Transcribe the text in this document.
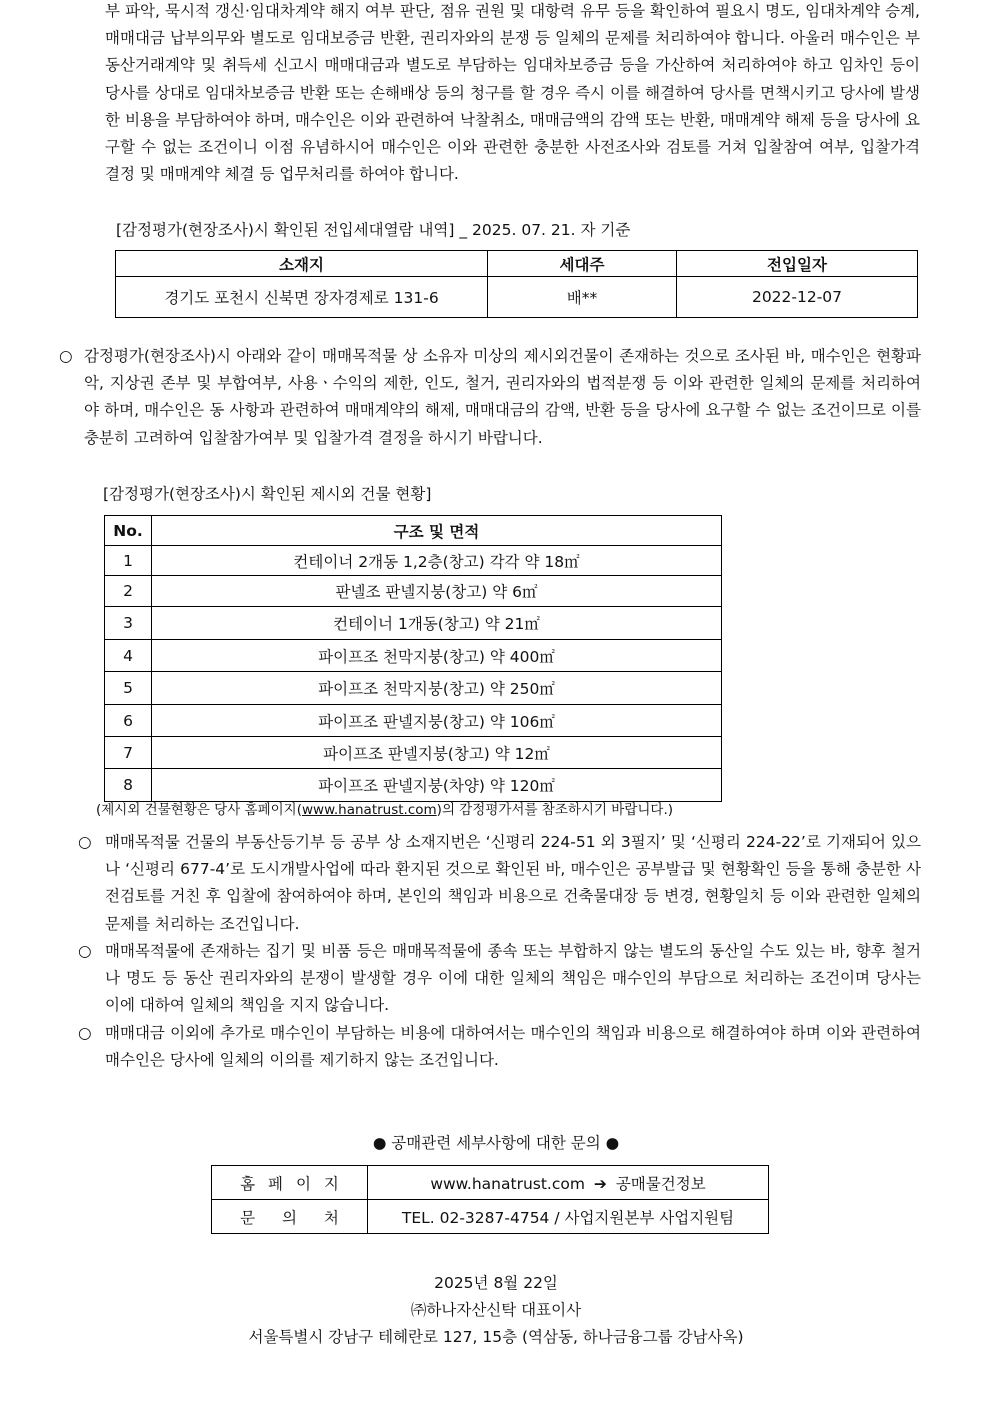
부 파악, 묵시적 갱신·임대차계약 해지 여부 판단, 점유 권원 및 대항력 유무 등을 확인하여 필요시 명도, 임대차계약 승계, 매매대금 납부의무와 별도로 임대보증금 반환, 권리자와의 분쟁 등 일체의 문제를 처리하여야 합니다. 아울러 매수인은 부동산거래계약 및 취득세 신고시 매매대금과 별도로 부담하는 임대차보증금 등을 가산하여 처리하여야 하고 임차인 등이 당사를 상대로 임대차보증금 반환 또는 손해배상 등의 청구를 할 경우 즉시 이를 해결하여 당사를 면책시키고 당사에 발생한 비용을 부담하여야 하며, 매수인은 이와 관련하여 낙찰취소, 매매금액의 감액 또는 반환, 매매계약 해제 등을 당사에 요구할 수 없는 조건이니 이점 유념하시어 매수인은 이와 관련한 충분한 사전조사와 검토를 거쳐 입찰참여 여부, 입찰가격 결정 및 매매계약 체결 등 업무처리를 하여야 합니다.
[감정평가(현장조사)시 확인된 전입세대열람 내역] _ 2025. 07. 21. 자 기준
소재지	세대주	전입일자
경기도 포천시 신북면 장자경제로 131-6	배**	2022-12-07
○ 감정평가(현장조사)시 아래와 같이 매매목적물 상 소유자 미상의 제시외건물이 존재하는 것으로 조사된 바, 매수인은 현황파악, 지상권 존부 및 부합여부, 사용ㆍ수익의 제한, 인도, 철거, 권리자와의 법적분쟁 등 이와 관련한 일체의 문제를 처리하여야 하며, 매수인은 동 사항과 관련하여 매매계약의 해제, 매매대금의 감액, 반환 등을 당사에 요구할 수 없는 조건이므로 이를 충분히 고려하여 입찰참가여부 및 입찰가격 결정을 하시기 바랍니다.
[감정평가(현장조사)시 확인된 제시외 건물 현황]
No.	구조 및 면적
1	컨테이너 2개동 1,2층(창고) 각각 약 18㎡
2	판넬조 판넬지붕(창고) 약 6㎡
3	컨테이너 1개동(창고) 약 21㎡
4	파이프조 천막지붕(창고) 약 400㎡
5	파이프조 천막지붕(창고) 약 250㎡
6	파이프조 판넬지붕(창고) 약 106㎡
7	파이프조 판넬지붕(창고) 약 12㎡
8	파이프조 판넬지붕(차양) 약 120㎡
(제시외 건물현황은 당사 홈페이지(www.hanatrust.com)의 감정평가서를 참조하시기 바랍니다.)
○ 매매목적물 건물의 부동산등기부 등 공부 상 소재지번은 ‘신평리 224-51 외 3필지’ 및 ‘신평리 224-22’로 기재되어 있으나 ‘신평리 677-4’로 도시개발사업에 따라 환지된 것으로 확인된 바, 매수인은 공부발급 및 현황확인 등을 통해 충분한 사전검토를 거친 후 입찰에 참여하여야 하며, 본인의 책임과 비용으로 건축물대장 등 변경, 현황일치 등 이와 관련한 일체의 문제를 처리하는 조건입니다.
○ 매매목적물에 존재하는 집기 및 비품 등은 매매목적물에 종속 또는 부합하지 않는 별도의 동산일 수도 있는 바, 향후 철거나 명도 등 동산 권리자와의 분쟁이 발생할 경우 이에 대한 일체의 책임은 매수인의 부담으로 처리하는 조건이며 당사는 이에 대하여 일체의 책임을 지지 않습니다.
○ 매매대금 이외에 추가로 매수인이 부담하는 비용에 대하여서는 매수인의 책임과 비용으로 해결하여야 하며 이와 관련하여 매수인은 당사에 일체의 이의를 제기하지 않는 조건입니다.
● 공매관련 세부사항에 대한 문의 ●
홈 페 이 지	www.hanatrust.com ➔ 공매물건정보
문 의 처	TEL. 02-3287-4754 / 사업지원본부 사업지원팀
2025년 8월 22일
㈜하나자산신탁 대표이사
서울특별시 강남구 테헤란로 127, 15층 (역삼동, 하나금융그룹 강남사옥)
